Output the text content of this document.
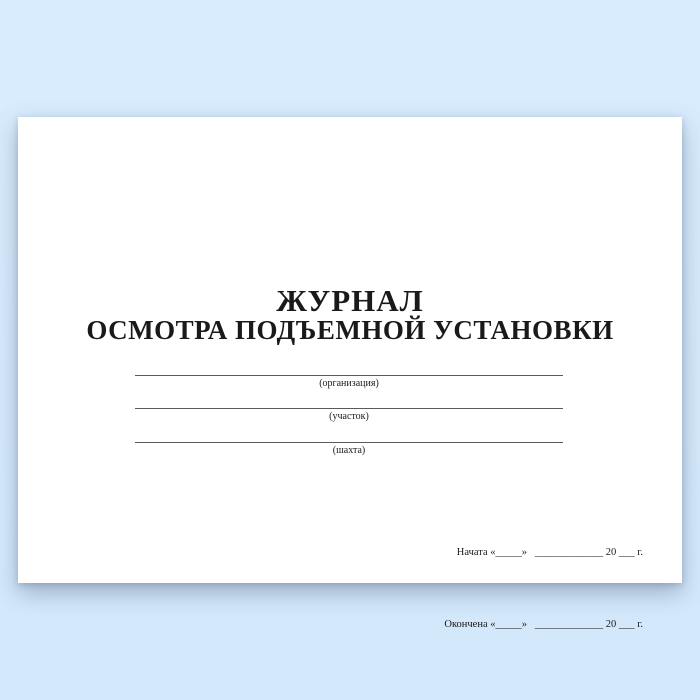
ЖУРНАЛ
ОСМОТРА ПОДЪЕМНОЙ УСТАНОВКИ
(организация)
(участок)
(шахта)

Начата «_____»   _____________ 20 ___ г.

Окончена «_____»   _____________ 20 ___ г.
